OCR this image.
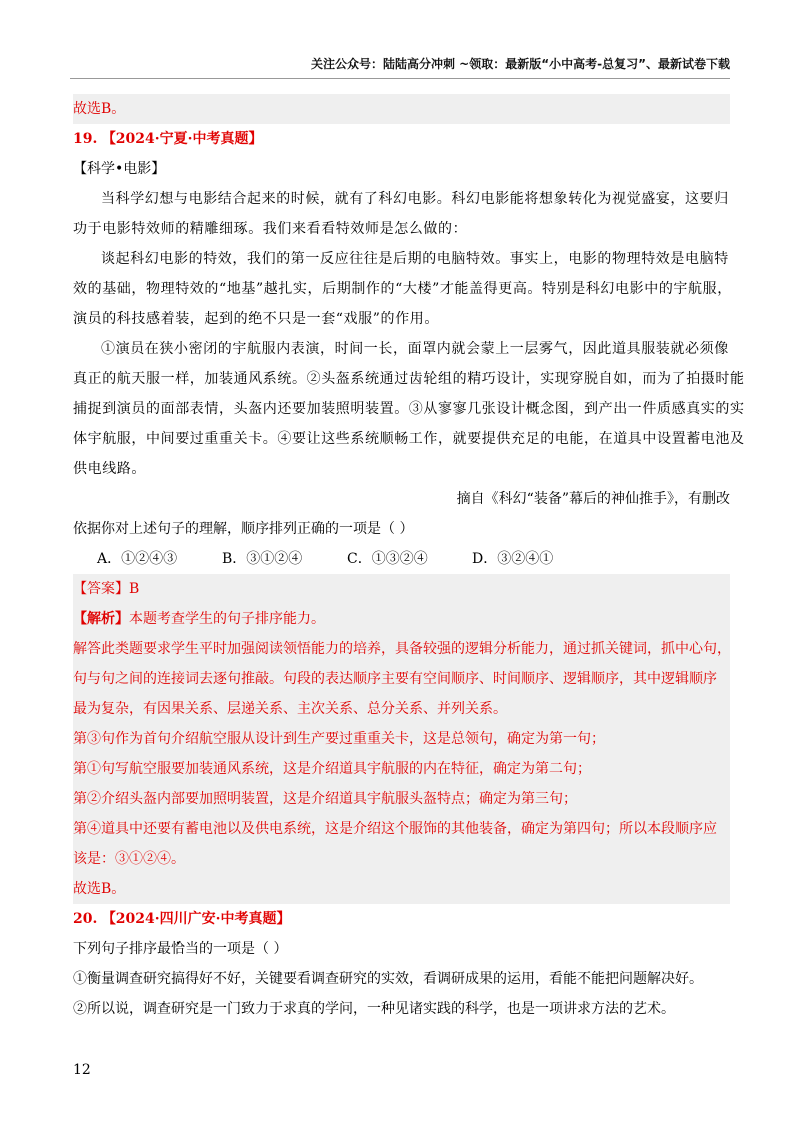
关注公众号：陆陆高分冲刺 ~领取：最新版“小中高考-总复习”、最新试卷下载
故选B。
19. 【2024·宁夏·中考真题】
【科学•电影】
当科学幻想与电影结合起来的时候，就有了科幻电影。科幻电影能将想象转化为视觉盛宴，这要归
功于电影特效师的精雕细琢。我们来看看特效师是怎么做的：
谈起科幻电影的特效，我们的第一反应往往是后期的电脑特效。事实上，电影的物理特效是电脑特
效的基础，物理特效的“地基”越扎实，后期制作的“大楼”才能盖得更高。特别是科幻电影中的宇航服，
演员的科技感着装，起到的绝不只是一套“戏服”的作用。
①演员在狭小密闭的宇航服内表演，时间一长，面罩内就会蒙上一层雾气，因此道具服装就必须像
真正的航天服一样，加装通风系统。②头盔系统通过齿轮组的精巧设计，实现穿脱自如，而为了拍摄时能
捕捉到演员的面部表情，头盔内还要加装照明装置。③从寥寥几张设计概念图，到产出一件质感真实的实
体宇航服，中间要过重重关卡。④要让这些系统顺畅工作，就要提供充足的电能，在道具中设置蓄电池及
供电线路。
摘自《科幻“装备”幕后的神仙推手》，有删改
依据你对上述句子的理解，顺序排列正确的一项是（ ）
A．①②④③	B．③①②④	C．①③②④	D．③②④①
【答案】B
【解析】本题考查学生的句子排序能力。
解答此类题要求学生平时加强阅读领悟能力的培养，具备较强的逻辑分析能力，通过抓关键词，抓中心句，
句与句之间的连接词去逐句推敲。句段的表达顺序主要有空间顺序、时间顺序、逻辑顺序，其中逻辑顺序
最为复杂，有因果关系、层递关系、主次关系、总分关系、并列关系。
第③句作为首句介绍航空服从设计到生产要过重重关卡，这是总领句，确定为第一句；
第①句写航空服要加装通风系统，这是介绍道具宇航服的内在特征，确定为第二句；
第②介绍头盔内部要加照明装置，这是介绍道具宇航服头盔特点；确定为第三句；
第④道具中还要有蓄电池以及供电系统，这是介绍这个服饰的其他装备，确定为第四句；所以本段顺序应
该是：③①②④。
故选B。
20. 【2024·四川广安·中考真题】
下列句子排序最恰当的一项是（ ）
①衡量调查研究搞得好不好，关键要看调查研究的实效，看调研成果的运用，看能不能把问题解决好。
②所以说，调查研究是一门致力于求真的学问，一种见诸实践的科学，也是一项讲求方法的艺术。
12
